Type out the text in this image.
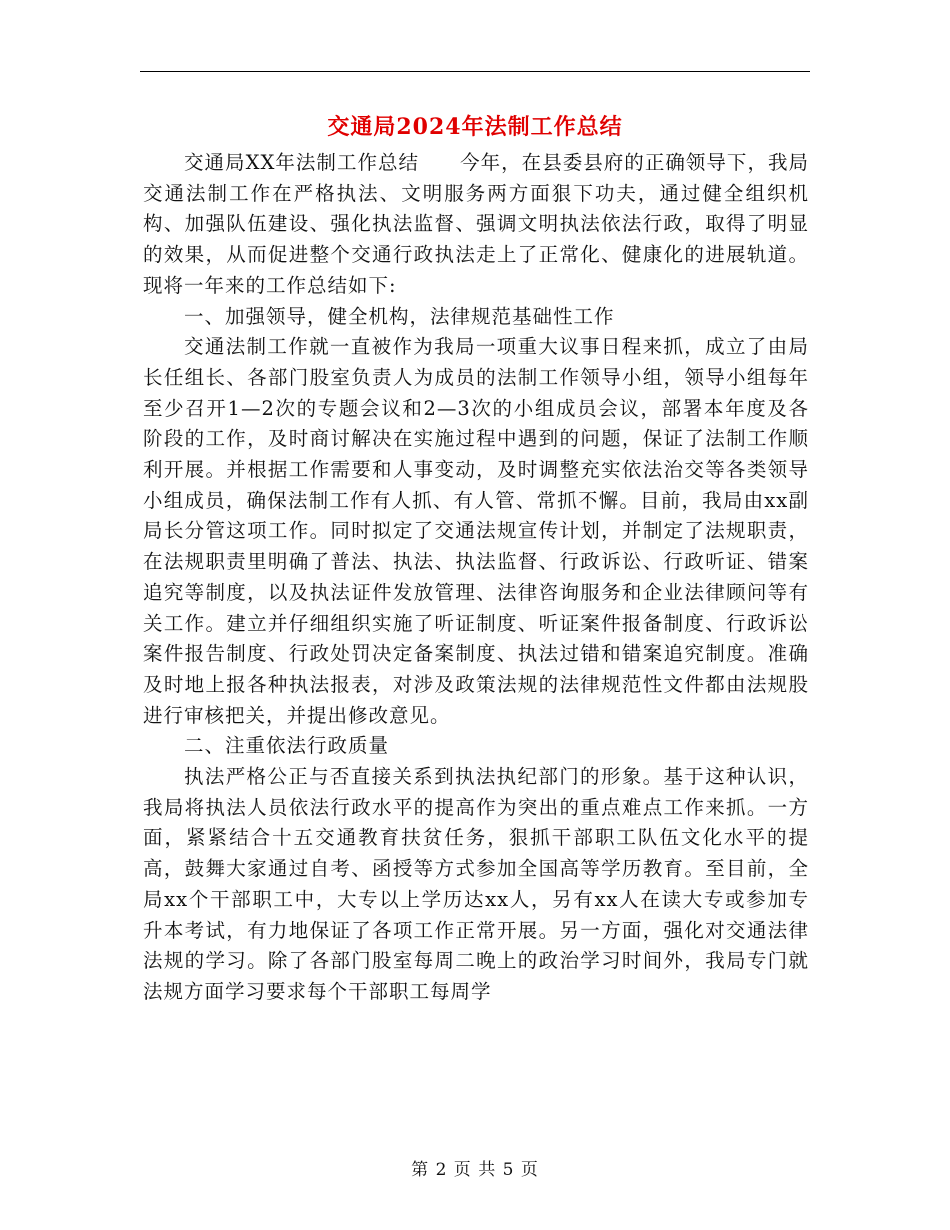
交通局2024年法制工作总结
交通局XX年法制工作总结　　今年，在县委县府的正确领导下，我局交通法制工作在严格执法、文明服务两方面狠下功夫，通过健全组织机构、加强队伍建设、强化执法监督、强调文明执法依法行政，取得了明显的效果，从而促进整个交通行政执法走上了正常化、健康化的进展轨道。现将一年来的工作总结如下:
一、加强领导，健全机构，法律规范基础性工作
交通法制工作就一直被作为我局一项重大议事日程来抓，成立了由局长任组长、各部门股室负责人为成员的法制工作领导小组，领导小组每年至少召开1—2次的专题会议和2—3次的小组成员会议，部署本年度及各阶段的工作，及时商讨解决在实施过程中遇到的问题，保证了法制工作顺利开展。并根据工作需要和人事变动，及时调整充实依法治交等各类领导小组成员，确保法制工作有人抓、有人管、常抓不懈。目前，我局由xx副局长分管这项工作。同时拟定了交通法规宣传计划，并制定了法规职责，在法规职责里明确了普法、执法、执法监督、行政诉讼、行政听证、错案追究等制度，以及执法证件发放管理、法律咨询服务和企业法律顾问等有关工作。建立并仔细组织实施了听证制度、听证案件报备制度、行政诉讼案件报告制度、行政处罚决定备案制度、执法过错和错案追究制度。准确及时地上报各种执法报表，对涉及政策法规的法律规范性文件都由法规股进行审核把关，并提出修改意见。
二、注重依法行政质量
执法严格公正与否直接关系到执法执纪部门的形象。基于这种认识，我局将执法人员依法行政水平的提高作为突出的重点难点工作来抓。一方面，紧紧结合十五交通教育扶贫任务，狠抓干部职工队伍文化水平的提高，鼓舞大家通过自考、函授等方式参加全国高等学历教育。至目前，全局xx个干部职工中，大专以上学历达xx人，另有xx人在读大专或参加专升本考试，有力地保证了各项工作正常开展。另一方面，强化对交通法律法规的学习。除了各部门股室每周二晚上的政治学习时间外，我局专门就法规方面学习要求每个干部职工每周学
第 2 页 共 5 页
